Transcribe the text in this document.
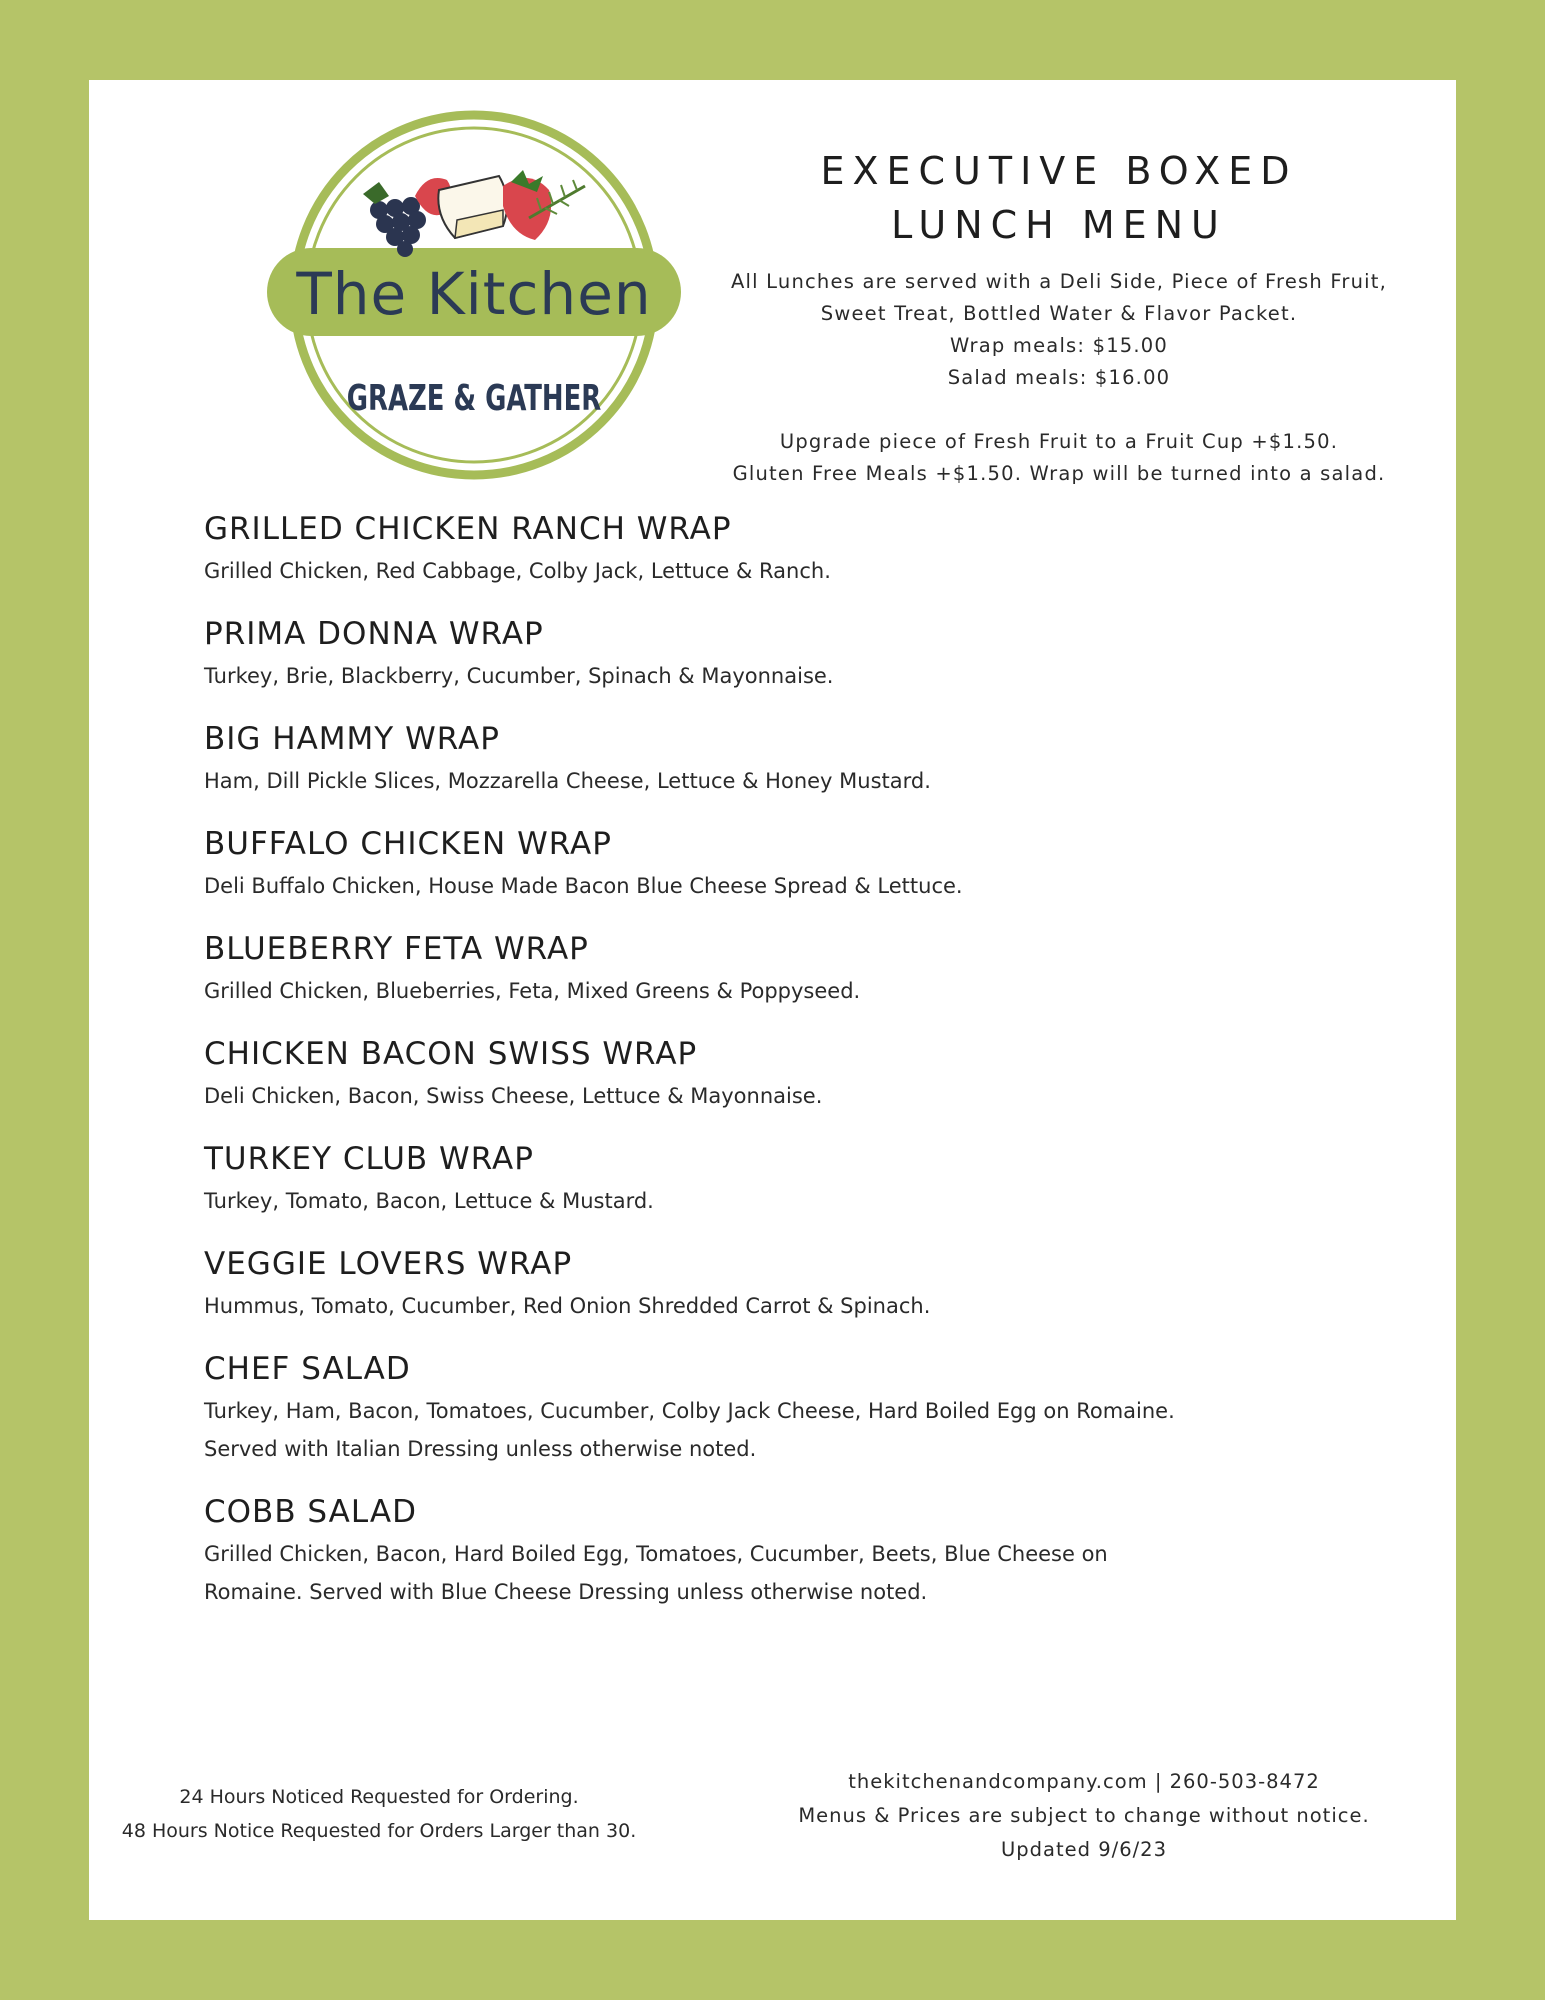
The Kitchen
GRAZE & GATHER
EXECUTIVE BOXED
LUNCH MENU

All Lunches are served with a Deli Side, Piece of Fresh Fruit,

Sweet Treat, Bottled Water & Flavor Packet.

Wrap meals: $15.00

Salad meals: $16.00

Upgrade piece of Fresh Fruit to a Fruit Cup +$1.50.

Gluten Free Meals +$1.50. Wrap will be turned into a salad.

GRILLED CHICKEN RANCH WRAP

Grilled Chicken, Red Cabbage, Colby Jack, Lettuce & Ranch.

PRIMA DONNA WRAP

Turkey, Brie, Blackberry, Cucumber, Spinach & Mayonnaise.

BIG HAMMY WRAP

Ham, Dill Pickle Slices, Mozzarella Cheese, Lettuce & Honey Mustard.

BUFFALO CHICKEN WRAP

Deli Buffalo Chicken, House Made Bacon Blue Cheese Spread & Lettuce.

BLUEBERRY FETA WRAP

Grilled Chicken, Blueberries, Feta, Mixed Greens & Poppyseed.

CHICKEN BACON SWISS WRAP

Deli Chicken, Bacon, Swiss Cheese, Lettuce & Mayonnaise.

TURKEY CLUB WRAP

Turkey, Tomato, Bacon, Lettuce & Mustard.

VEGGIE LOVERS WRAP

Hummus, Tomato, Cucumber, Red Onion Shredded Carrot & Spinach.

CHEF SALAD

Turkey, Ham, Bacon, Tomatoes, Cucumber, Colby Jack Cheese, Hard Boiled Egg on Romaine.

Served with Italian Dressing unless otherwise noted.

COBB SALAD

Grilled Chicken, Bacon, Hard Boiled Egg, Tomatoes, Cucumber, Beets, Blue Cheese on

Romaine. Served with Blue Cheese Dressing unless otherwise noted.

24 Hours Noticed Requested for Ordering.

48 Hours Notice Requested for Orders Larger than 30.

thekitchenandcompany.com | 260-503-8472

Menus & Prices are subject to change without notice.

Updated 9/6/23
